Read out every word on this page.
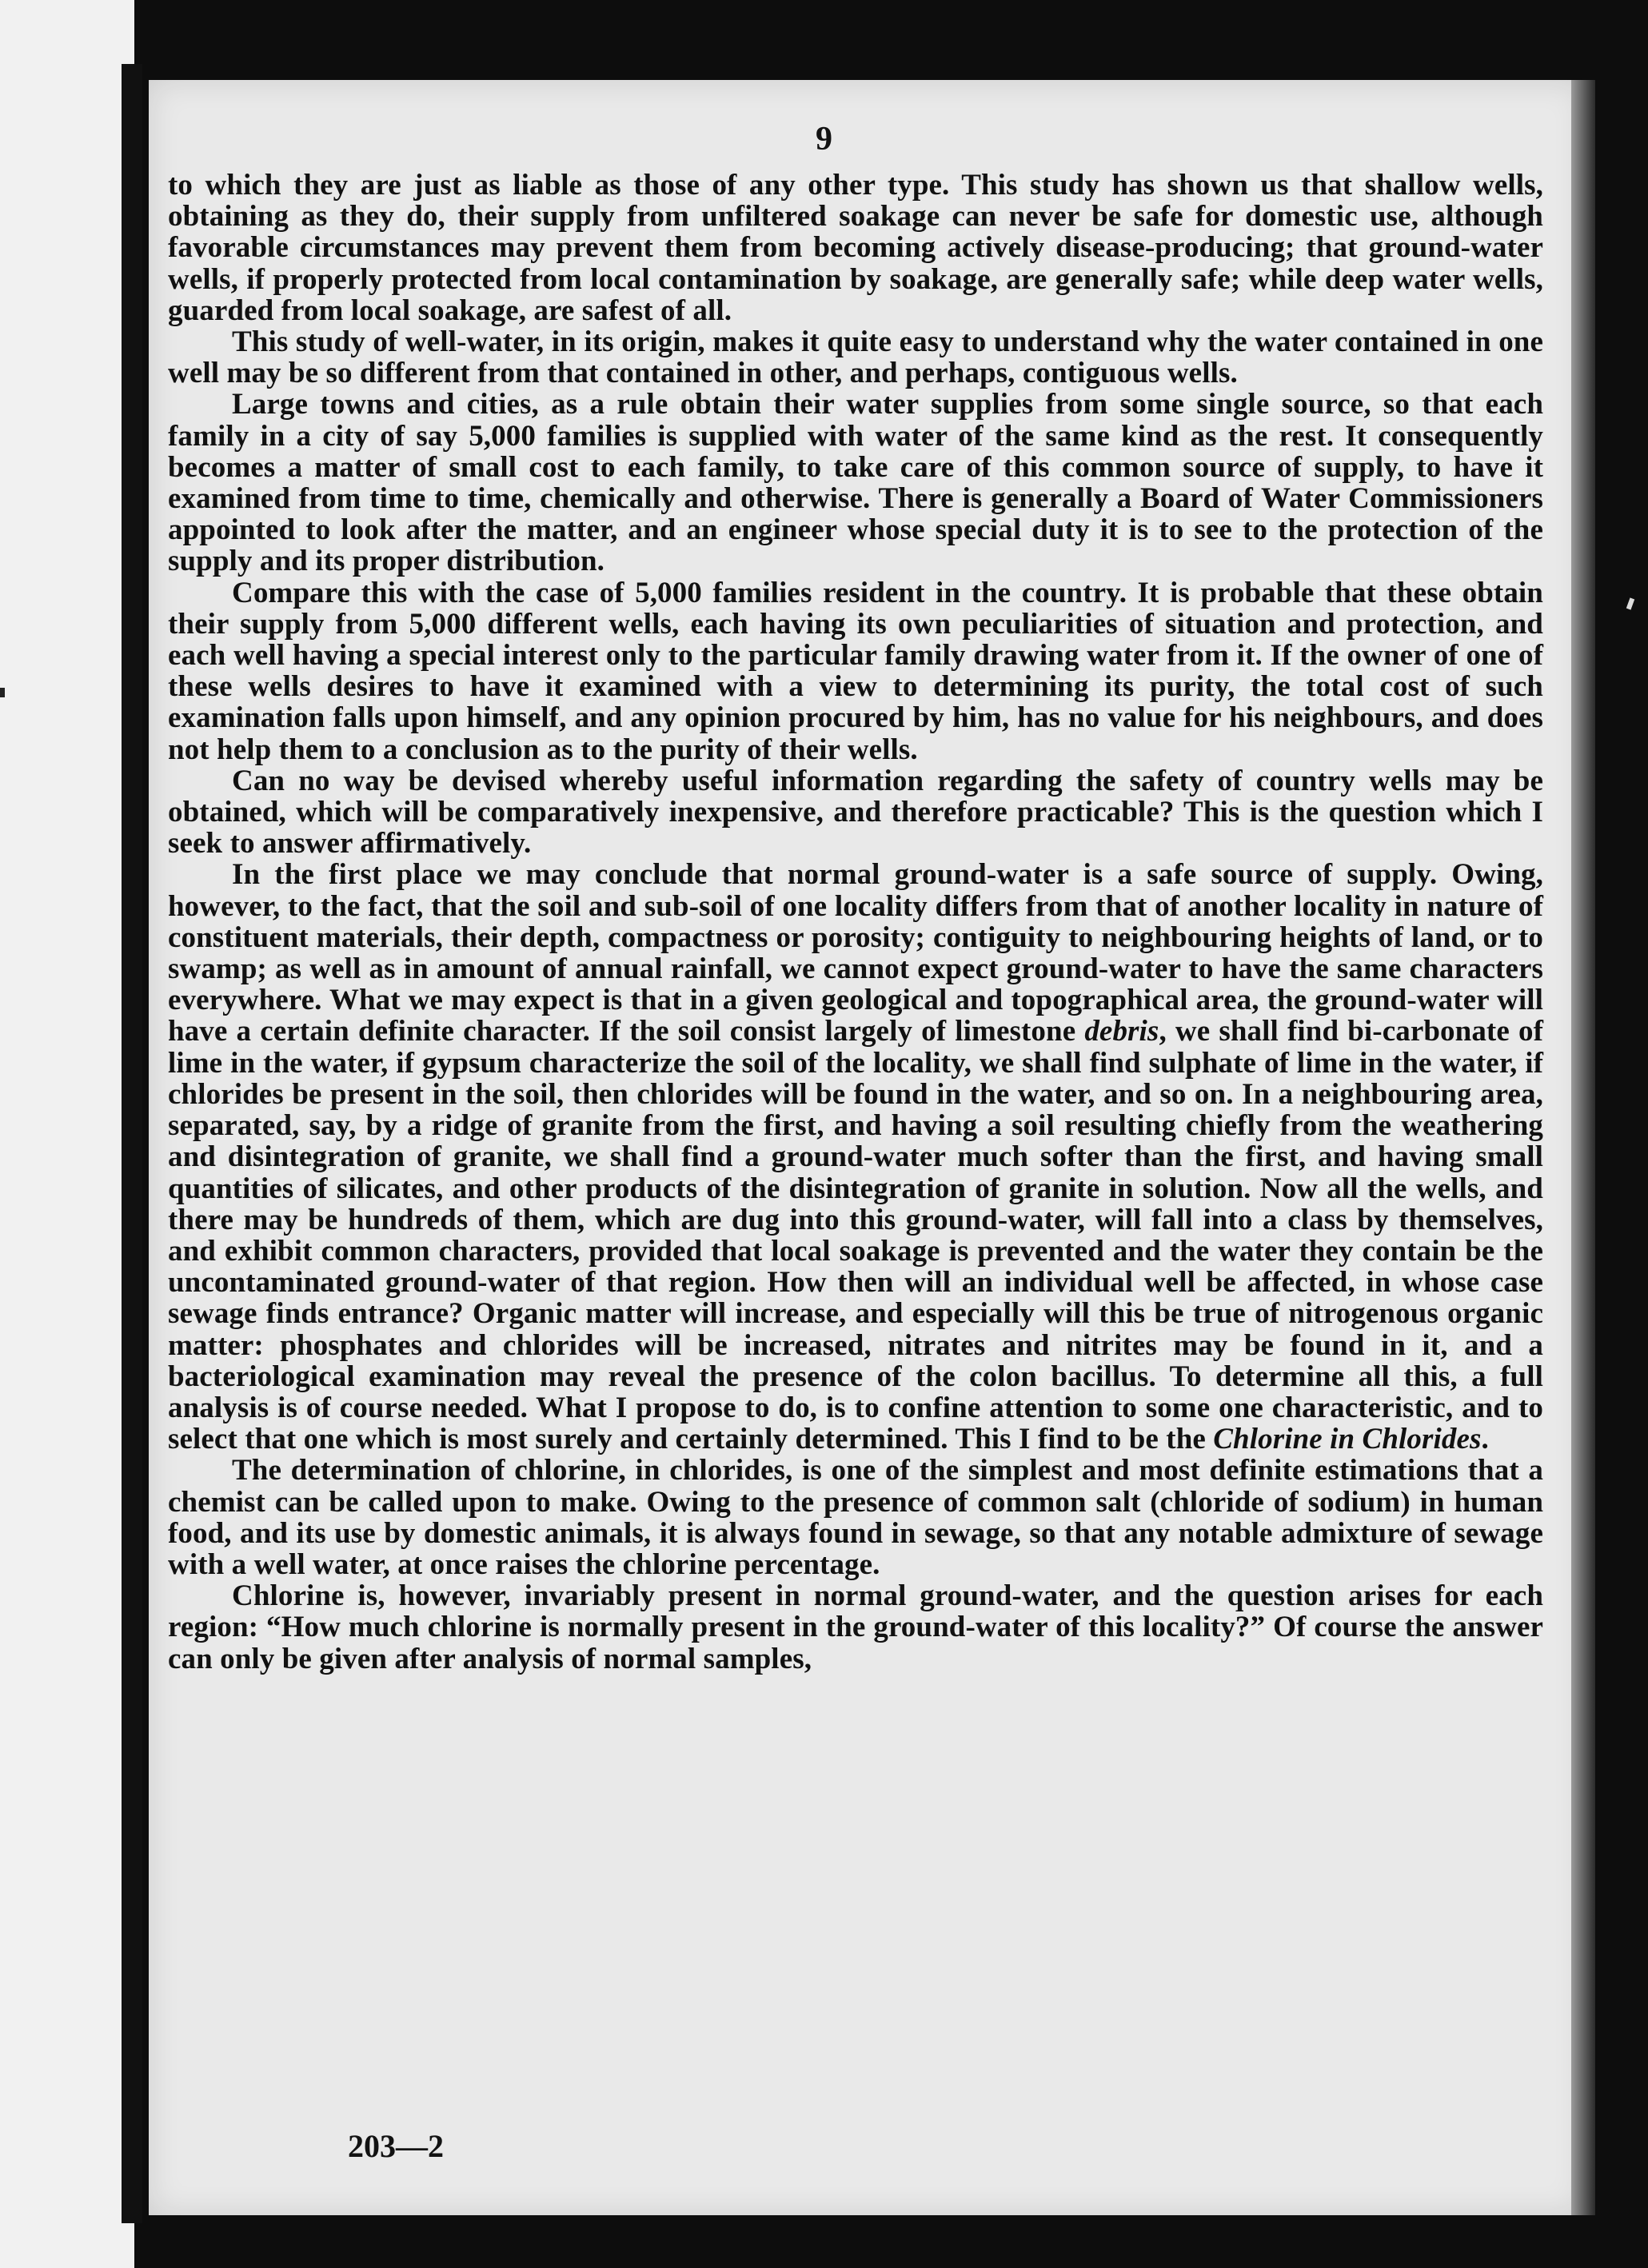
9

to which they are just as liable as those of any other type. This study has shown us that shallow wells, obtaining as they do, their supply from unfiltered soakage can never be safe for domestic use, although favorable circumstances may prevent them from becoming actively disease-producing; that ground-water wells, if properly protected from local contamination by soakage, are generally safe; while deep water wells, guarded from local soakage, are safest of all.

This study of well-water, in its origin, makes it quite easy to understand why the water contained in one well may be so different from that contained in other, and perhaps, contiguous wells.

Large towns and cities, as a rule obtain their water supplies from some single source, so that each family in a city of say 5,000 families is supplied with water of the same kind as the rest. It consequently becomes a matter of small cost to each family, to take care of this common source of supply, to have it examined from time to time, chemically and otherwise. There is generally a Board of Water Commissioners appointed to look after the matter, and an engineer whose special duty it is to see to the protection of the supply and its proper distribution.

Compare this with the case of 5,000 families resident in the country. It is probable that these obtain their supply from 5,000 different wells, each having its own peculiarities of situation and protection, and each well having a special interest only to the particular family drawing water from it. If the owner of one of these wells desires to have it examined with a view to determining its purity, the total cost of such examination falls upon himself, and any opinion procured by him, has no value for his neighbours, and does not help them to a conclusion as to the purity of their wells.

Can no way be devised whereby useful information regarding the safety of country wells may be obtained, which will be comparatively inexpensive, and therefore practicable? This is the question which I seek to answer affirmatively.

In the first place we may conclude that normal ground-water is a safe source of supply. Owing, however, to the fact, that the soil and sub-soil of one locality differs from that of another locality in nature of constituent materials, their depth, compactness or porosity; contiguity to neighbouring heights of land, or to swamp; as well as in amount of annual rainfall, we cannot expect ground-water to have the same characters everywhere. What we may expect is that in a given geological and topographical area, the ground-water will have a certain definite character. If the soil consist largely of limestone debris, we shall find bi-carbonate of lime in the water, if gypsum characterize the soil of the locality, we shall find sulphate of lime in the water, if chlorides be present in the soil, then chlorides will be found in the water, and so on. In a neighbouring area, separated, say, by a ridge of granite from the first, and having a soil resulting chiefly from the weathering and disintegration of granite, we shall find a ground-water much softer than the first, and having small quantities of silicates, and other products of the disintegration of granite in solution. Now all the wells, and there may be hundreds of them, which are dug into this ground-water, will fall into a class by themselves, and exhibit common characters, provided that local soakage is prevented and the water they contain be the uncontaminated ground-water of that region. How then will an individual well be affected, in whose case sewage finds entrance? Organic matter will increase, and especially will this be true of nitrogenous organic matter: phosphates and chlorides will be increased, nitrates and nitrites may be found in it, and a bacteriological examination may reveal the presence of the colon bacillus. To determine all this, a full analysis is of course needed. What I propose to do, is to confine attention to some one characteristic, and to select that one which is most surely and certainly determined. This I find to be the Chlorine in Chlorides.

The determination of chlorine, in chlorides, is one of the simplest and most definite estimations that a chemist can be called upon to make. Owing to the presence of common salt (chloride of sodium) in human food, and its use by domestic animals, it is always found in sewage, so that any notable admixture of sewage with a well water, at once raises the chlorine percentage.

Chlorine is, however, invariably present in normal ground-water, and the question arises for each region: “How much chlorine is normally present in the ground-water of this locality?” Of course the answer can only be given after analysis of normal samples,

203—2
